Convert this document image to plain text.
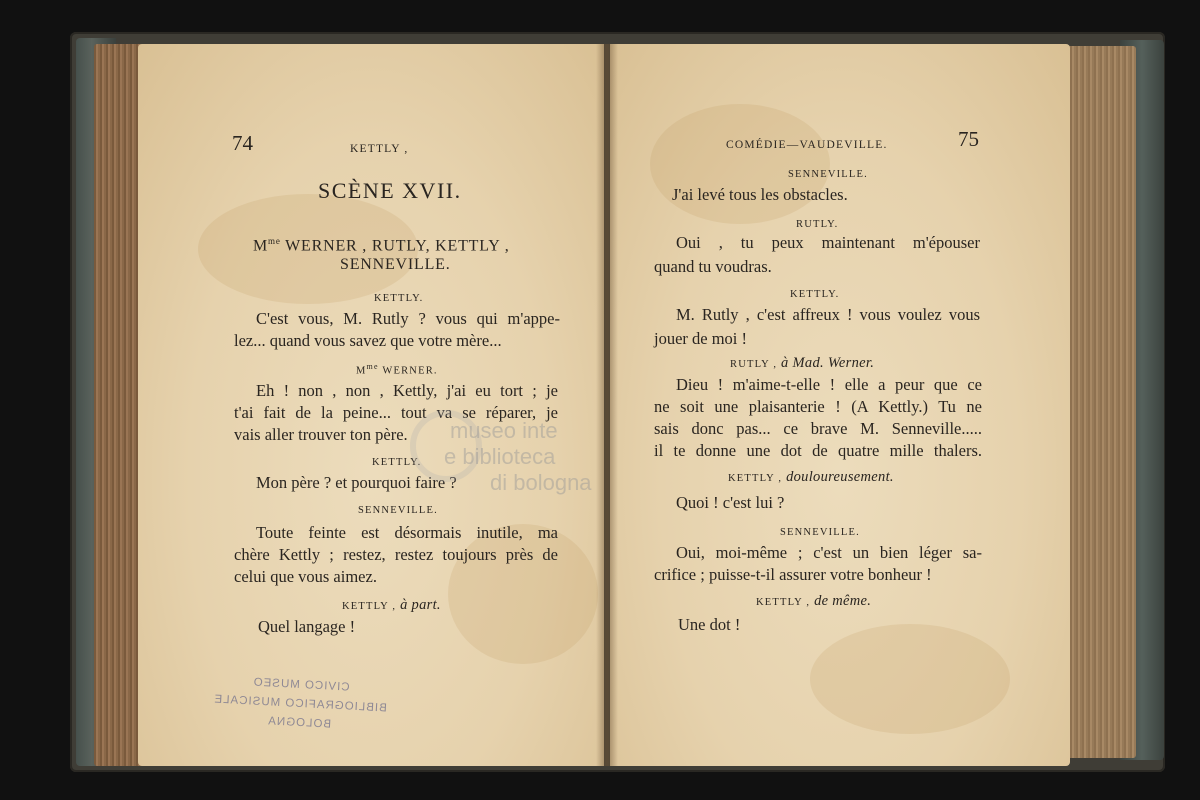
74	KETTLY ,
SCÈNE XVII.
$M^{me}$ WERNER , RUTLY, KETTLY ,
SENNEVILLE.
KETTLY.
C'est vous, M. Rutly ? vous qui m'appe-
lez... quand vous savez que votre mère...
$M^{me}$ WERNER.
Eh ! non , non , Kettly, j'ai eu tort ; je
t'ai fait de la peine... tout va se réparer, je
vais aller trouver ton père.
KETTLY.
Mon père ? et pourquoi faire ?
SENNEVILLE.
Toute feinte est désormais inutile, ma
chère Kettly ; restez, restez toujours près de
celui que vous aimez.
KETTLY , à part.
Quel langage !
CIVICO MUSEO
BIBLIOGRAFICO MUSICALE
BOLOGNA
COMÉDIE—VAUDEVILLE.	75
SENNEVILLE.
J'ai levé tous les obstacles.
RUTLY.
Oui , tu peux maintenant m'épouser
quand tu voudras.
KETTLY.
M. Rutly , c'est affreux ! vous voulez vous
jouer de moi !
RUTLY , à Mad. Werner.
Dieu ! m'aime-t-elle ! elle a peur que ce
ne soit une plaisanterie ! (A Kettly.) Tu ne
sais donc pas... ce brave M. Senneville.....
il te donne une dot de quatre mille thalers.
KETTLY , douloureusement.
Quoi ! c'est lui ?
SENNEVILLE.
Oui, moi-même ; c'est un bien léger sa-
crifice ; puisse-t-il assurer votre bonheur !
KETTLY , de même.
Une dot !
museo inte
e biblioteca
di bologna
